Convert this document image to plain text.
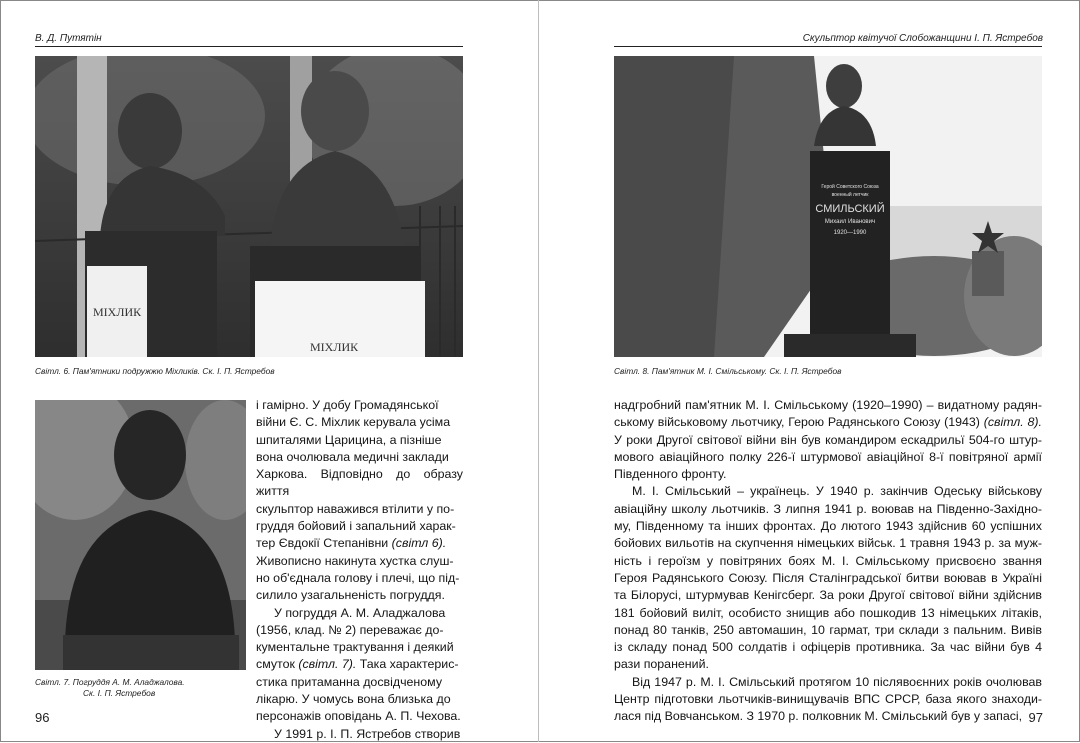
В. Д. Путятін
МІХЛИК
МІХЛИК
Світл. 6. Пам'ятники подружжю Міхликів. Ск. І. П. Ястребов
Світл. 7. Погруддя А. М. Аладжалова.
Ск. І. П. Ястребов
і гамірно. У добу Громадянської
війни Є. С. Міхлик керувала усіма
шпиталями Царицина, а пізніше
вона очолювала медичні заклади
Харкова. Відповідно до образу життя
скульптор наважився втілити у по-
груддя бойовий і запальний харак-
тер Євдокії Степанівни (світл 6).
Живописно накинута хустка слуш-
но об'єднала голову і плечі, що під-
силило узагальненість погруддя.
У погруддя А. М. Аладжалова
(1956, клад. № 2) переважає до-
кументальне трактування і деякий
смуток (світл. 7). Така характерис-
стика притаманна досвідченому
лікарю. У чомусь вона близька до
персонажів оповідань А. П. Чехова.
У 1991 р. І. П. Ястребов створив
96
Скульптор квітучої Слобожанщини І. П. Ястребов
Герой Советского Союза
военный летчик
СМИЛЬСКИЙ
Михаил Иванович
1920—1990
Світл. 8. Пам'ятник М. І. Смільському. Ск. І. П. Ястребов

надгробний пам'ятник М. І. Смільському (1920–1990) – видатному радян-ському військовому льотчику, Герою Радянського Союзу (1943) (світл. 8). У роки Другої світової війни він був командиром ескадрильї 504-го штур-мового авіаційного полку 226-ї штурмової авіаційної 8-ї повітряної армії Південного фронту.

М. І. Смільський – українець. У 1940 р. закінчив Одеську військову авіаційну школу льотчиків. З липня 1941 р. воював на Південно-Західно-му, Південному та інших фронтах. До лютого 1943 здійснив 60 успішних бойових вильотів на скупчення німецьких військ. 1 травня 1943 р. за муж-ність і героїзм у повітряних боях М. І. Смільському присвоєно звання Героя Радянського Союзу. Після Сталінградської битви воював в Україні та Білорусі, штурмував Кенігсберг. За роки Другої світової війни здійснив 181 бойовий виліт, особисто знищив або пошкодив 13 німецьких літаків, понад 80 танків, 250 автомашин, 10 гармат, три склади з пальним. Вивів із складу понад 500 солдатів і офіцерів противника. За час війни був 4 рази поранений.

Від 1947 р. М. І. Смільський протягом 10 післявоєнних років очолював Центр підготовки льотчиків-винищувачів ВПС СРСР, база якого знаходи-лася під Вовчанськом. З 1970 р. полковник М. Смільський був у запасі, 97
